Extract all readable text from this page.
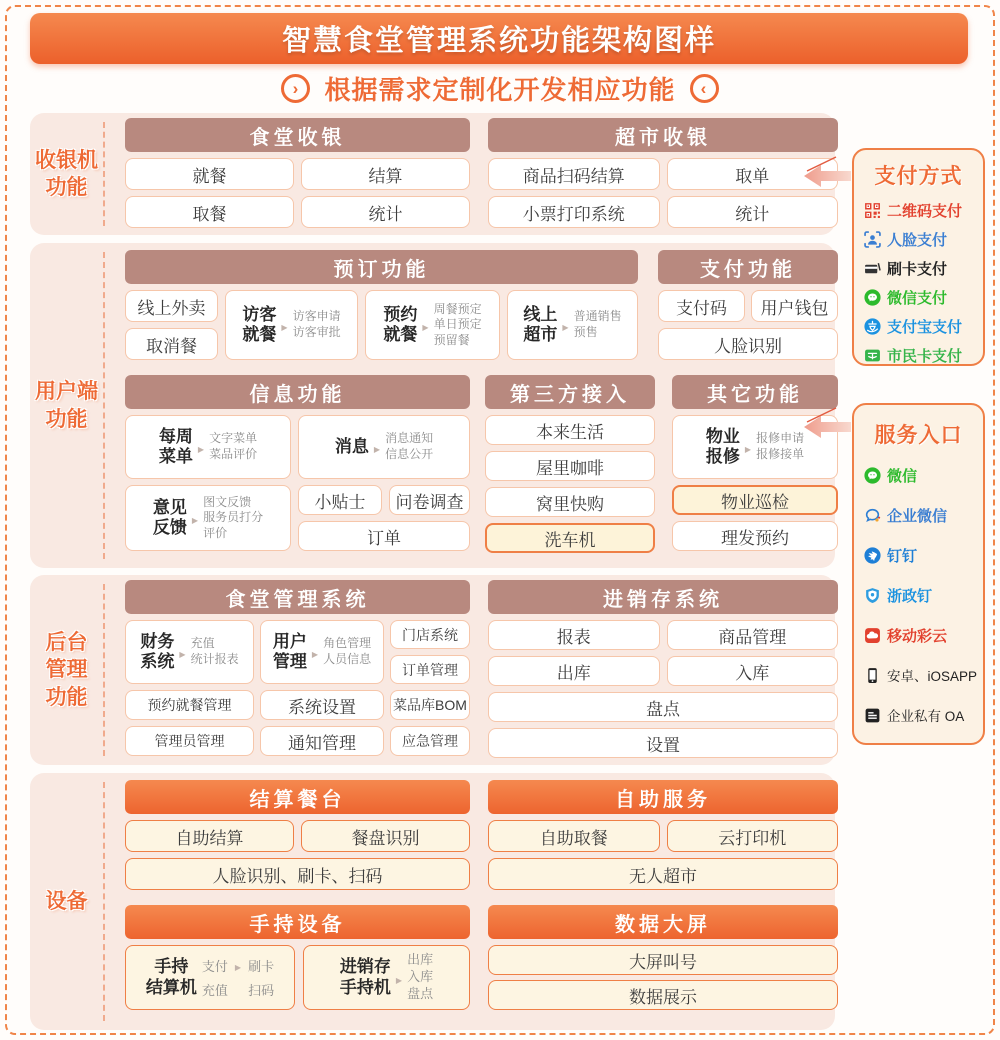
智慧食堂管理系统功能架构图样
› 根据需求定制化开发相应功能	‹
收银机
功能
食堂收银
就餐	结算
取餐	统计
超市收银
商品扫码结算	取单
小票打印系统	统计
用户端
功能
预订功能
线上外卖
取消餐
访客
就餐
▶
访客申请
访客审批
预约
就餐
▶
周餐预定
单日预定
预留餐
线上
超市
▶
普通销售
预售
支付功能
支付码	用户钱包
人脸识别
信息功能
每周
菜单
▶
文字菜单
菜品评价
意见
反馈
▶
图文反馈
服务员打分
评价
消息 ▶ 消息通知
信息公开
小贴士	问卷调查
订单
第三方接入
本来生活
屋里咖啡
窝里快购
洗车机
其它功能
物业
报修
▶
报修申请
报修接单
物业巡检
理发预约
后台
管理
功能
食堂管理系统
财务
系统
▶
充值
统计报表
用户
管理
▶
角色管理
人员信息
门店系统
订单管理
预约就餐管理	系统设置	菜品库BOM
管理员管理	通知管理	应急管理
进销存系统
报表	商品管理
出库	入库
盘点
设置
设备
结算餐台
自助结算	餐盘识别
人脸识别、刷卡、扫码
自助服务
自助取餐	云打印机
无人超市
手持设备
手持
结算机
支付 ▶ 刷卡
充值 扫码
进销存
手持机
▶
出库
入库
盘点
数据大屏
大屏叫号
数据展示
支付方式
二维码支付
人脸支付
刷卡支付
微信支付
支付宝支付
市民卡支付
服务入口
微信
企业微信
钉钉
浙政钉
移动彩云
安卓、iOSAPP
企业私有 OA
